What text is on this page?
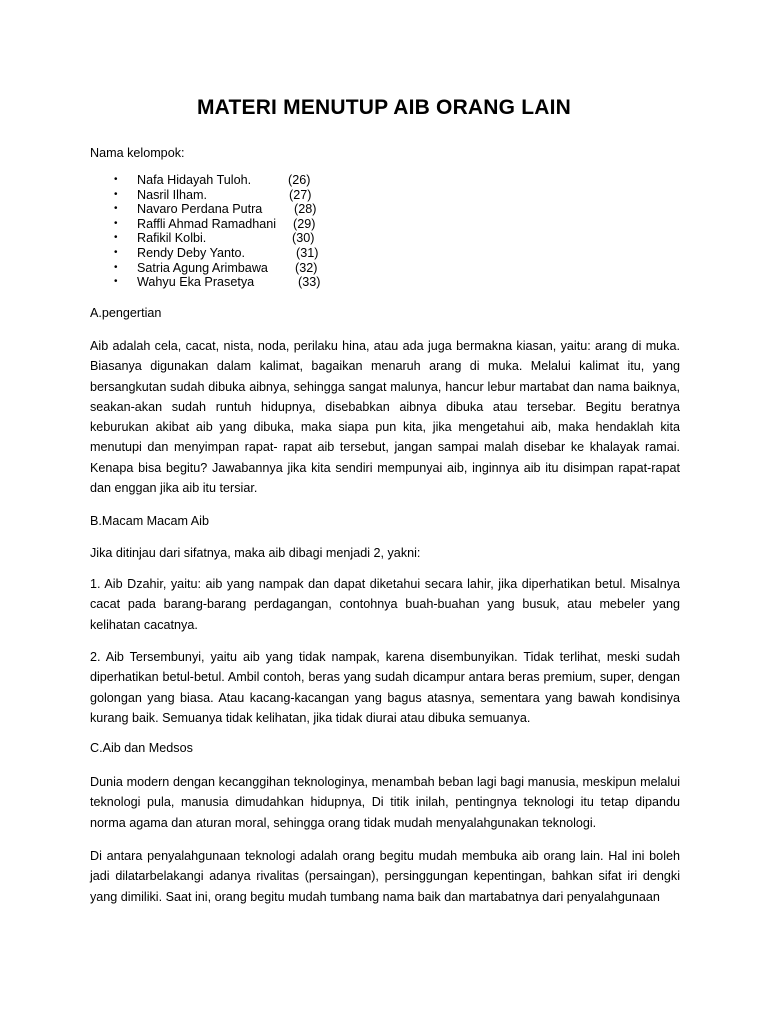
MATERI MENUTUP AIB ORANG LAIN

Nama kelompok:

• Nafa Hidayah Tuloh.	(26)
• Nasril Ilham.	(27)
• Navaro Perdana Putra	(28)
• Raffli Ahmad Ramadhani (29)
• Rafikil Kolbi.	(30)
• Rendy Deby Yanto.	(31)
• Satria Agung Arimbawa (32)
• Wahyu Eka Prasetya	(33)

A.pengertian

Aib adalah cela, cacat, nista, noda, perilaku hina, atau ada juga bermakna kiasan, yaitu: arang di muka. Biasanya digunakan dalam kalimat, bagaikan menaruh arang di muka. Melalui kalimat itu, yang bersangkutan sudah dibuka aibnya, sehingga sangat malunya, hancur lebur martabat dan nama baiknya, seakan-akan sudah runtuh hidupnya, disebabkan aibnya dibuka atau tersebar. Begitu beratnya keburukan akibat aib yang dibuka, maka siapa pun kita, jika mengetahui aib, maka hendaklah kita menutupi dan menyimpan rapat- rapat aib tersebut, jangan sampai malah disebar ke khalayak ramai. Kenapa bisa begitu? Jawabannya jika kita sendiri mempunyai aib, inginnya aib itu disimpan rapat-rapat dan enggan jika aib itu tersiar.

B.Macam Macam Aib

Jika ditinjau dari sifatnya, maka aib dibagi menjadi 2, yakni:

1. Aib Dzahir, yaitu: aib yang nampak dan dapat diketahui secara lahir, jika diperhatikan betul. Misalnya cacat pada barang-barang perdagangan, contohnya buah-buahan yang busuk, atau mebeler yang kelihatan cacatnya.

2. Aib Tersembunyi, yaitu aib yang tidak nampak, karena disembunyikan. Tidak terlihat, meski sudah diperhatikan betul-betul. Ambil contoh, beras yang sudah dicampur antara beras premium, super, dengan golongan yang biasa. Atau kacang-kacangan yang bagus atasnya, sementara yang bawah kondisinya kurang baik. Semuanya tidak kelihatan, jika tidak diurai atau dibuka semuanya.

C.Aib dan Medsos

Dunia modern dengan kecanggihan teknologinya, menambah beban lagi bagi manusia, meskipun melalui teknologi pula, manusia dimudahkan hidupnya, Di titik inilah, pentingnya teknologi itu tetap dipandu norma agama dan aturan moral, sehingga orang tidak mudah menyalahgunakan teknologi.

Di antara penyalahgunaan teknologi adalah orang begitu mudah membuka aib orang lain. Hal ini boleh jadi dilatarbelakangi adanya rivalitas (persaingan), persinggungan kepentingan, bahkan sifat iri dengki yang dimiliki. Saat ini, orang begitu mudah tumbang nama baik dan martabatnya dari penyalahgunaan
